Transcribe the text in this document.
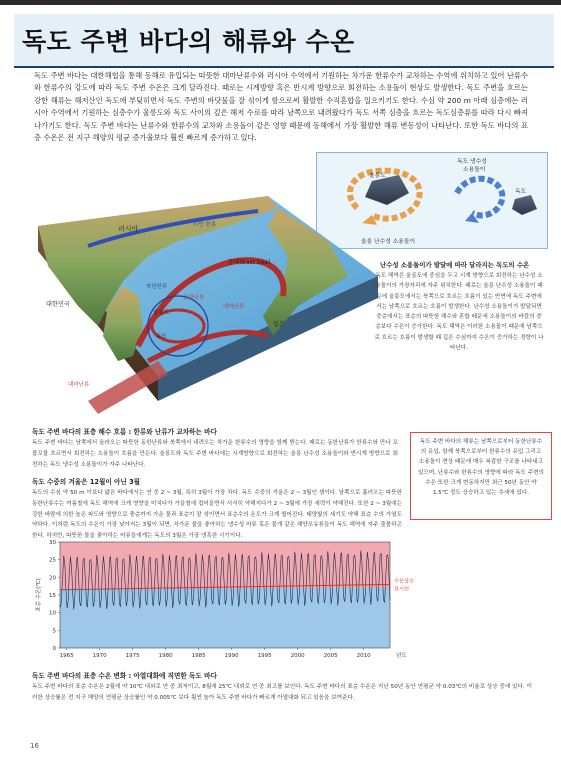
독도 주변 바다의 해류와 수온
독도 주변 바다는 대한해협을 통해 동해로 유입되는 따뜻한 대마난류수와 러시아 수역에서 기원하는 차가운 한류수가 교차하는 수역에 위치하고 있어 난류수와 한류수의 강도에 따라 독도 주변 수온은 크게 달라진다. 때로는 시계방향 혹은 반시계 방향으로 회전하는 소용돌이 현상도 발생한다. 독도 주변을 흐르는 강한 해류는 해저산인 독도에 부딪히면서 독도 주변의 바닷물을 잘 섞이게 함으로써 활발한 수직혼합을 일으키기도 한다. 수심 약 200 m 아래 심층에는 러시아 수역에서 기원하는 심층수가 울릉도와 독도 사이의 깊은 해저 수로를 따라 남쪽으로 내려왔다가 독도 서쪽 심층을 흐르는 독도심층류를 따라 다시 빠져나가기도 한다. 독도 주변 바다는 난류수와 한류수의 교차와 소용돌이 같은 영향 때문에 동해에서 가장 활발한 해류 변동성이 나타난다. 또한 독도 바다의 표층 수온은 전 지구 해양의 평균 증가율보다 훨씬 빠르게 증가하고 있다.
울릉도
독도
독도 냉수성
소용돌이
울릉 난수성 소용돌이
러시아
동해(East Sea)
대한민국
일본
울릉도
독도
동한난류
북한한류
대마난류
대마난류
리만 한류
난수성 소용돌이가 발달에 따라 달라지는 독도의 수온
독도 해역은 울릉도에 중심을 두고 시계 방향으로 회전하는 난수성 소용돌이의 가장자리에 자주 위치한다. 때로는 울릉 난수성 소용돌이 때문에 울릉도에서는 북쪽으로 흐르는 흐름이 있는 반면에 독도 주변에서는 남쪽으로 흐르는 흐름이 발생한다. 난수성 소용돌이가 발달되면 중층에서는 표층의 따뜻한 해수와 혼합 때문에 소용돌이의 바깥의 중층보다 수온이 증가한다. 독도 해역은 이러한 소용돌이 때문에 남쪽으로 흐르는 흐름이 발생할 때 깊은 수심까지 수온이 증가하는 경향이 나타난다.
독도 주변 바다의 표층 해수 흐름 : 한류와 난류가 교차하는 바다
독도 주변 바다는 남쪽에서 올라오는 따뜻한 동한난류와 북쪽에서 내려오는 차가운 한류수의 영향을 함께 받는다. 때로는 동한난류가 한류수와 만나 꼬불꼬불 흐르면서 회전하는 소용돌이 흐름을 만든다. 울릉도와 독도 주변 바다에는 시계방향으로 회전하는 울릉 난수성 소용돌이와 반시계 방향으로 회전하는 독도 냉수성 소용돌이가 자주 나타난다.
독도 주변 바다의 해류는 남쪽으로부터 동한난류수의 유입, 함께 북쪽으로부터 한류수의 유입 그리고 소용돌이 현상 때문에 매우 복잡한 구조를 나타내고 있으며, 난류수와 한류수의 영향에 따라 독도 주변의 수온 또한 크게 변동하지만 최근 50년 동안 약 1.5℃ 정도 상승하고 있는 추세에 있다.
독도 수중의 겨울은 12월이 아닌 3월
독도의 수심 약 50 m 이보다 얇은 바다에서는 연 중 2 ~ 3월, 특히 3월이 가장 차다. 독도 수중의 겨울은 2 ~ 3월인 셈이다. 남쪽으로 흘러오는 따뜻한 동한난류수는 여름철에 독도 해역에 크게 영향을 미치다가 가을철에 접어들면서 서서히 약해지다가 2 ~ 3월에 가장 세력이 약해진다. 또한 2 ~ 3월에는 강한 바람에 의한 높은 파도와 영향으로 충층까지 가운 물과 표층이 잘 섞이면서 표층수의 온도가 크게 떨어진다. 태양빛의 세기도 약해 표층 수의 가열도 약하다. 이처럼 독도의 수온이 가장 낮아지는 3월이 되면, 차가운 물을 좋아하는 냉수성 어류 혹은 물개 같은 해양포유류들이 독도 해역에 자주 출몰하곤 한다. 하지만, 따뜻한 물을 좋아하는 어류들에게는 독도의 3월은 가장 냉혹한 시기이다.
0
5
10
15
20
25
30
1965	1970	1975	1980	1985	1990	1995	2000	2005	2010	년도
표층 수온(℃)	수온상승
표시선
독도 주변 바다의 표층 수온 변화 : 아열대화에 직면한 독도 바다
독도 주변 바다의 표층 수온은 2월에 약 10℃ 내외로 연 중 최저이고, 8월에 25℃ 내외로 연 중 최고를 보인다. 독도 주변 바다의 표층 수온은 지난 50년 동안 연평균 약 0.03℃의 비율로 상승 중에 있다. 이러한 상승률은 전 지구 해양의 연평균 상승률인 약 0.005℃ 보다 훨씬 높아 독도 주변 바다가 빠르게 아열대화 되고 있음을 보여준다.
16
